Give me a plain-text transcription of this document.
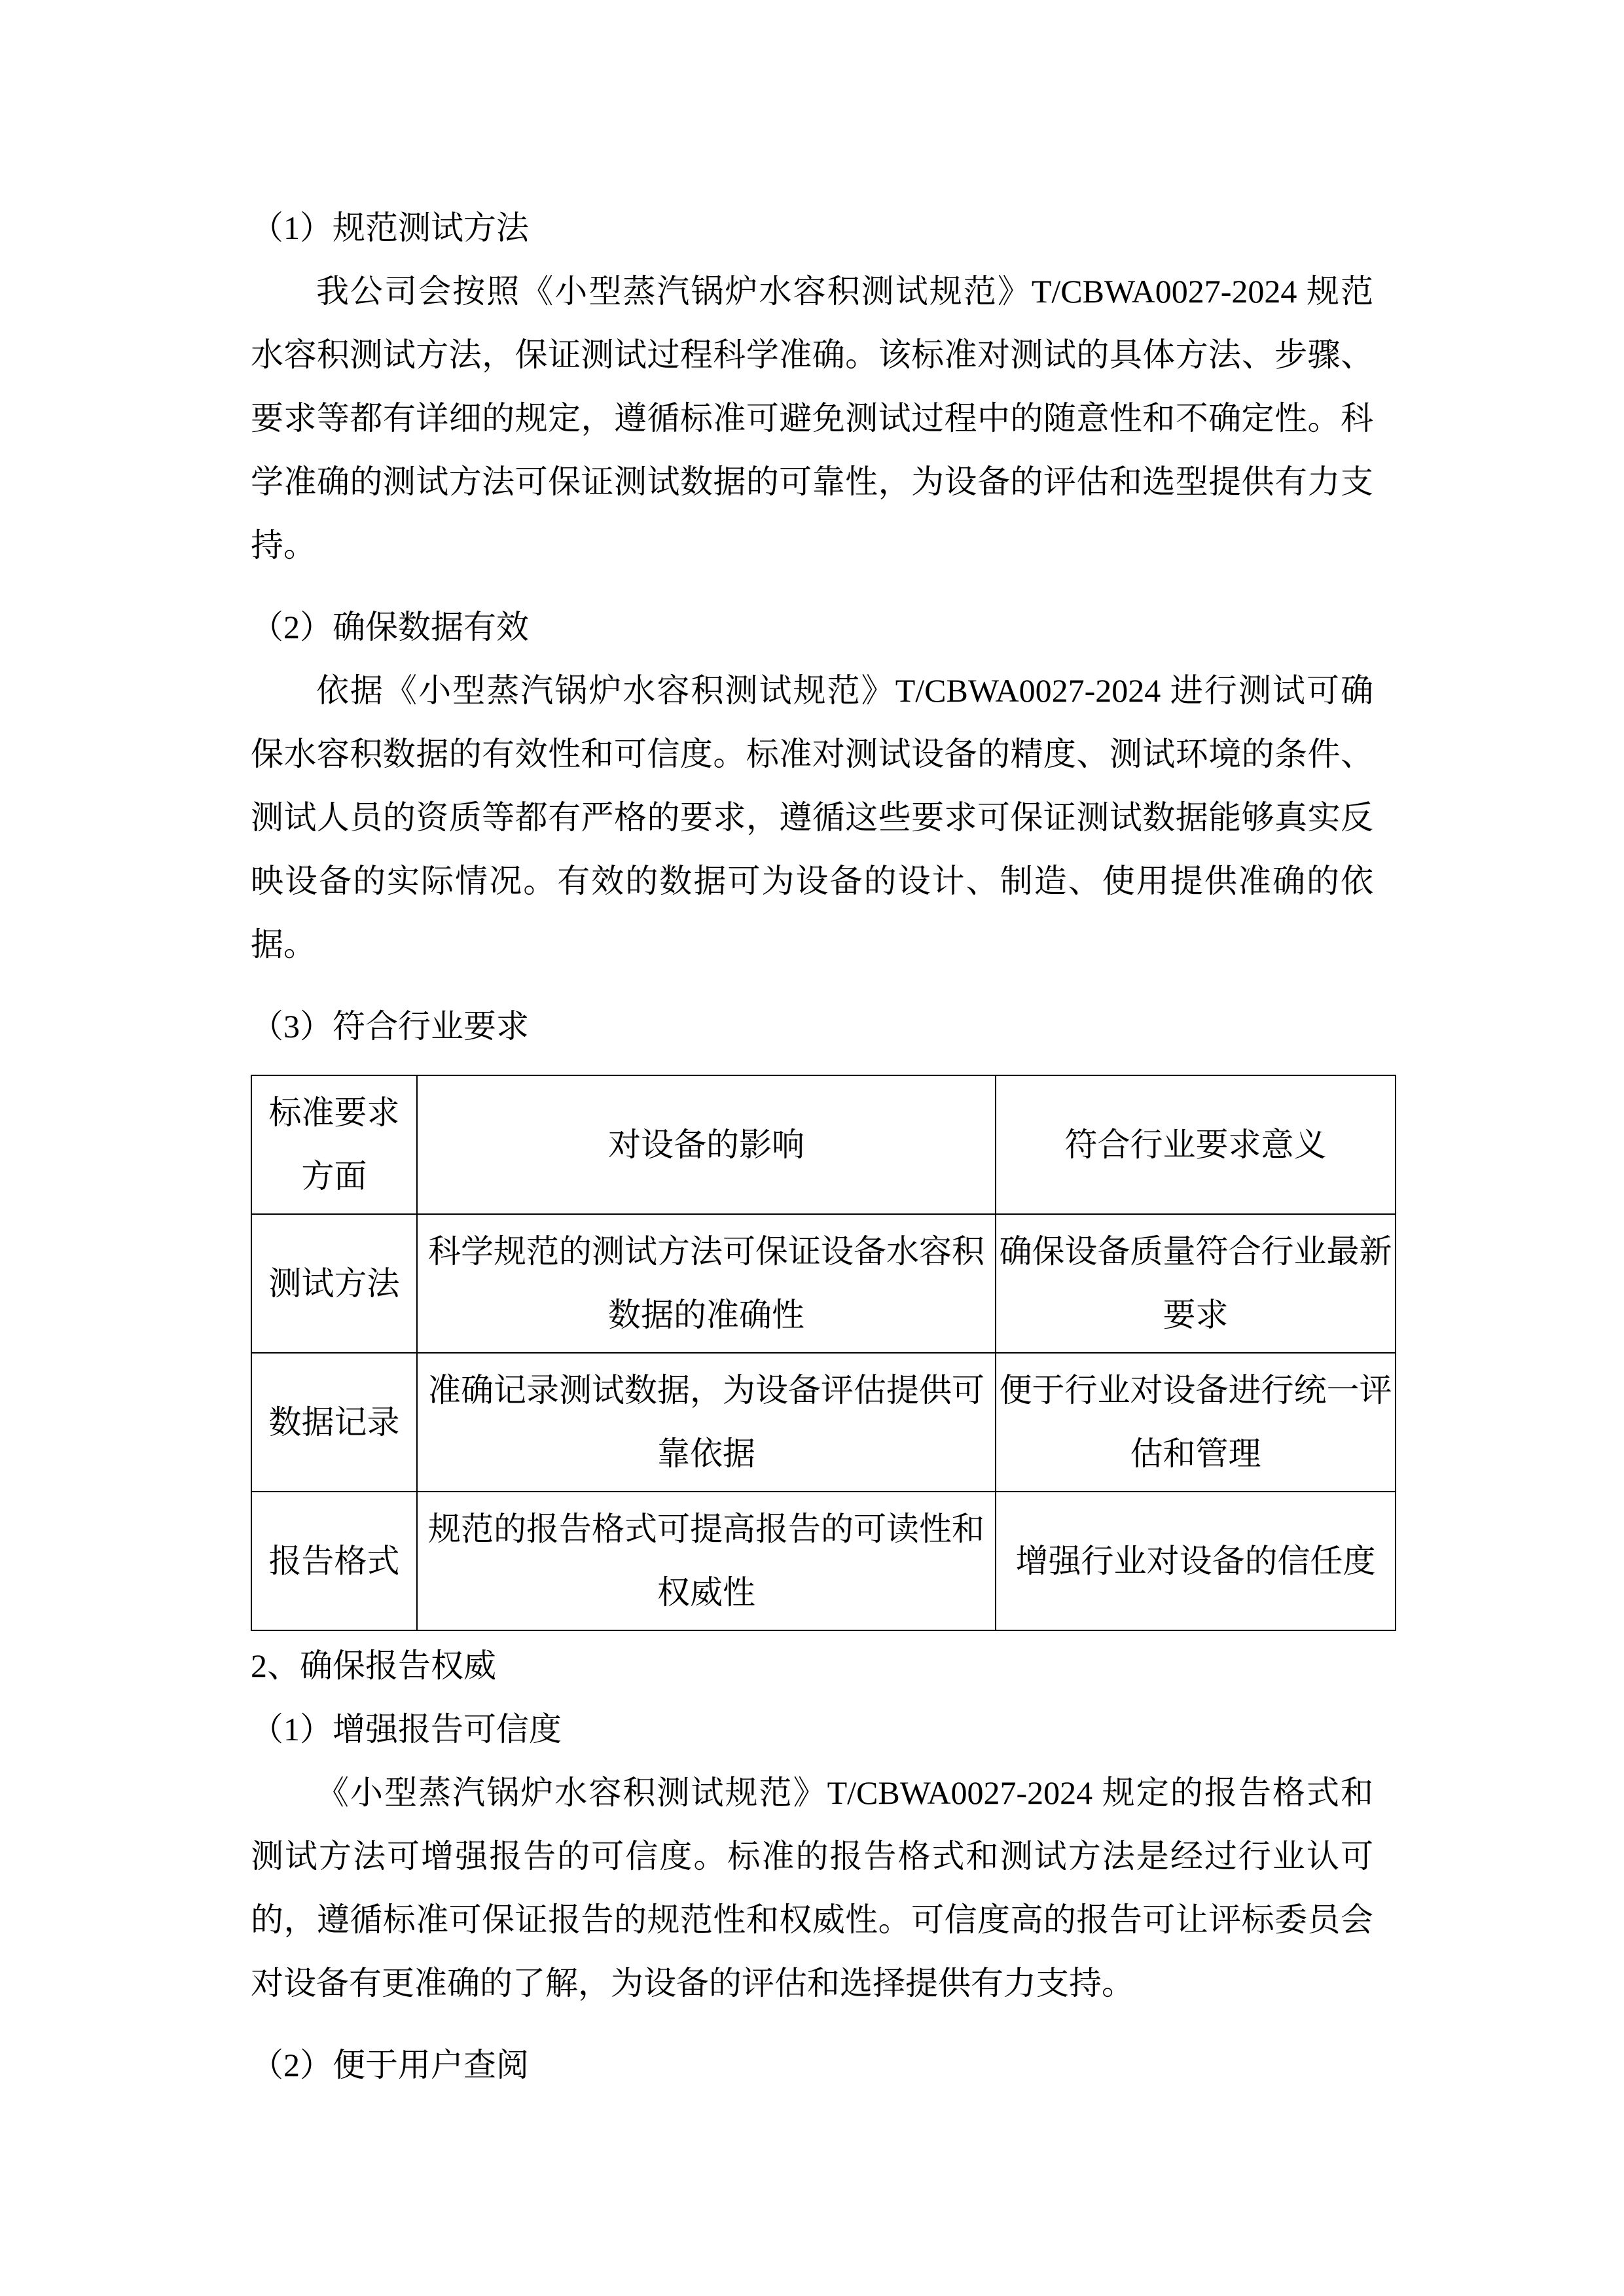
（1）规范测试方法

我公司会按照《小型蒸汽锅炉水容积测试规范》T/CBWA0027-2024 规范水容积测试方法，保证测试过程科学准确。该标准对测试的具体方法、步骤、要求等都有详细的规定，遵循标准可避免测试过程中的随意性和不确定性。科学准确的测试方法可保证测试数据的可靠性，为设备的评估和选型提供有力支持。

（2）确保数据有效

依据《小型蒸汽锅炉水容积测试规范》T/CBWA0027-2024 进行测试可确保水容积数据的有效性和可信度。标准对测试设备的精度、测试环境的条件、测试人员的资质等都有严格的要求，遵循这些要求可保证测试数据能够真实反映设备的实际情况。有效的数据可为设备的设计、制造、使用提供准确的依据。

（3）符合行业要求
标准要求方面	对设备的影响	符合行业要求意义
测试方法	科学规范的测试方法可保证设备水容积数据的准确性	确保设备质量符合行业最新要求
数据记录	准确记录测试数据，为设备评估提供可靠依据	便于行业对设备进行统一评估和管理
报告格式	规范的报告格式可提高报告的可读性和权威性	增强行业对设备的信任度
2、确保报告权威
（1）增强报告可信度

《小型蒸汽锅炉水容积测试规范》T/CBWA0027-2024 规定的报告格式和测试方法可增强报告的可信度。标准的报告格式和测试方法是经过行业认可的，遵循标准可保证报告的规范性和权威性。可信度高的报告可让评标委员会对设备有更准确的了解，为设备的评估和选择提供有力支持。

（2）便于用户查阅
